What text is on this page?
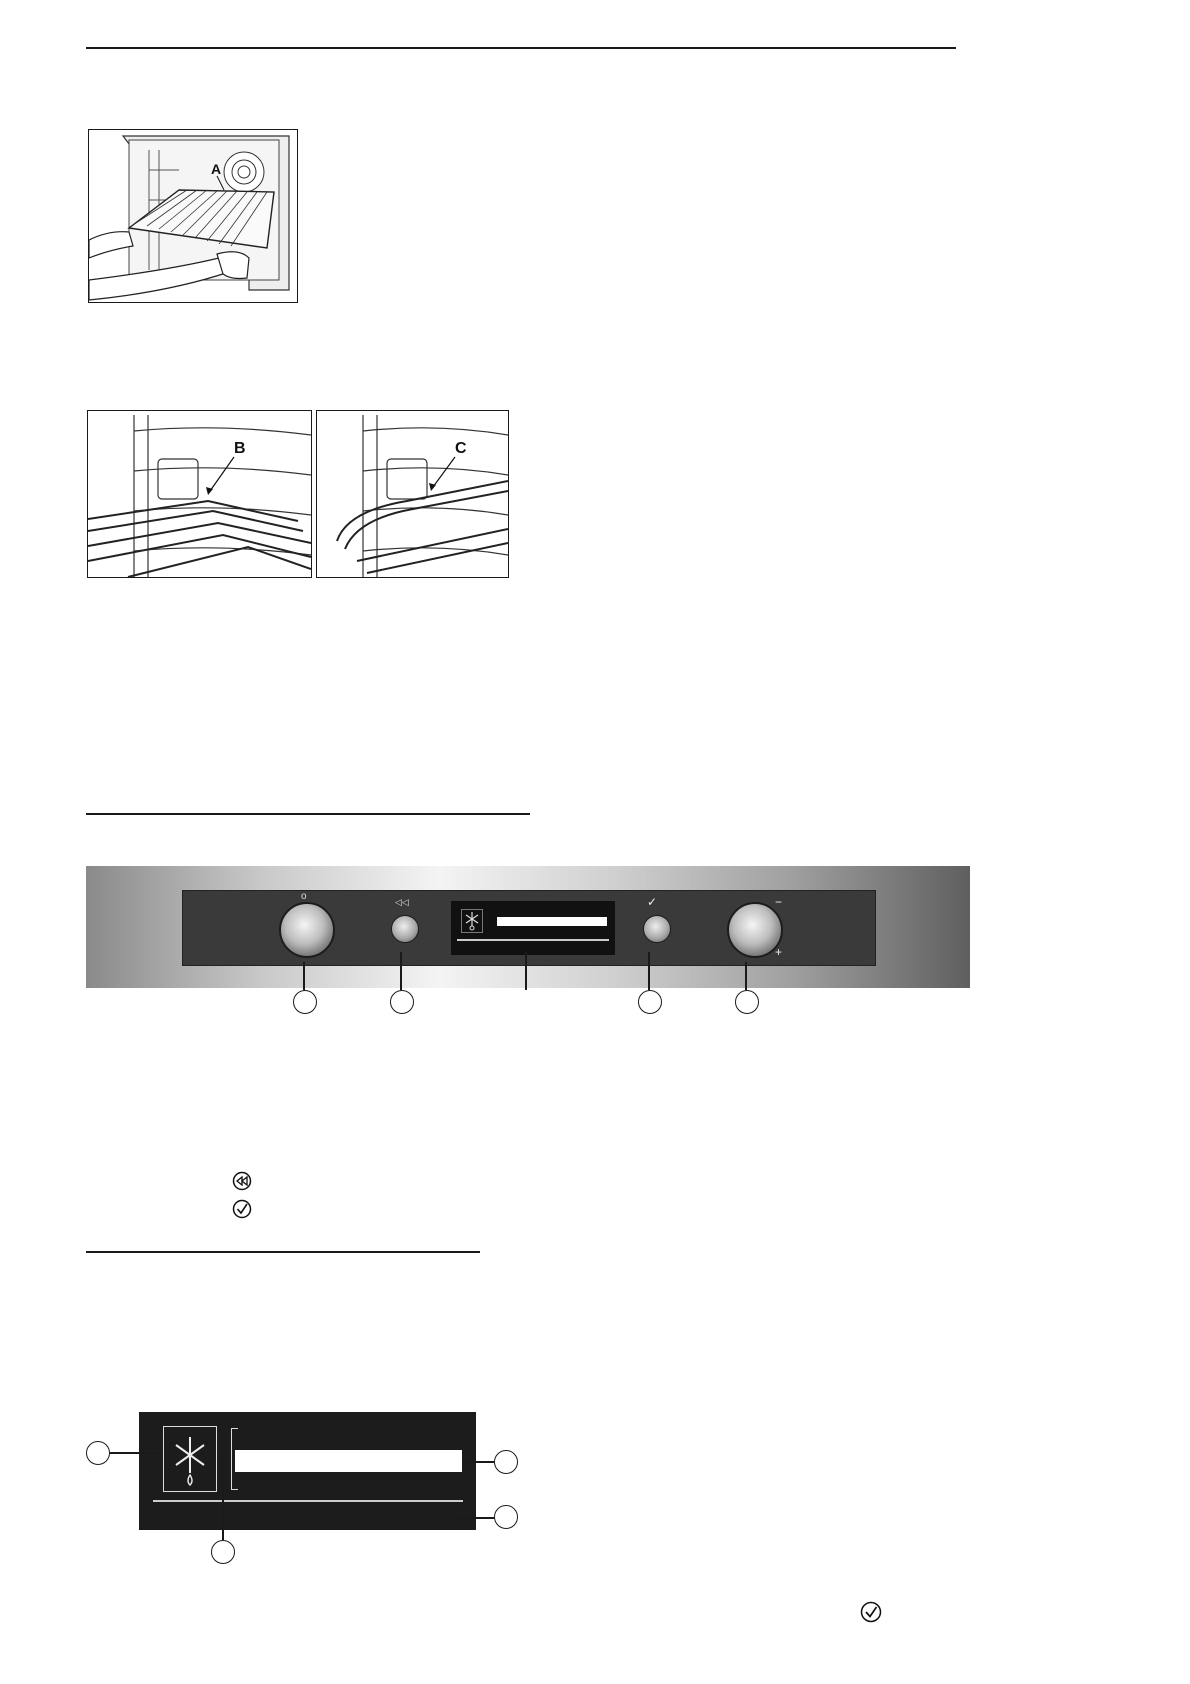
A
B	C
o	◁◁	✓	−
+
